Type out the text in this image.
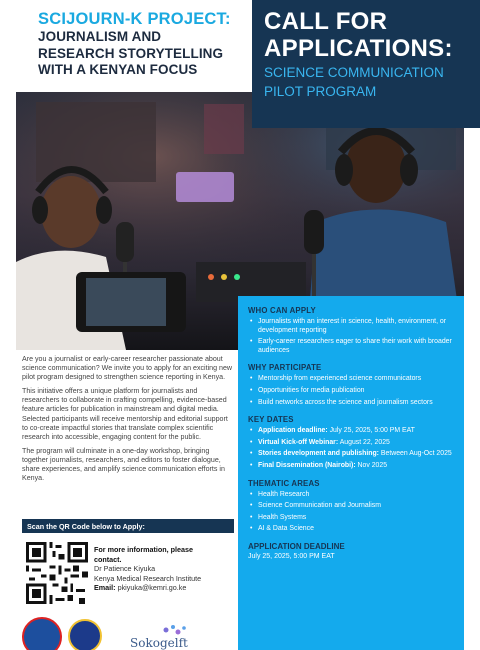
SCIJOURN-K PROJECT:
JOURNALISM AND
RESEARCH STORYTELLING
WITH A KENYAN FOCUS
CALL FOR
APPLICATIONS:
SCIENCE COMMUNICATION
PILOT PROGRAM

Are you a journalist or early-career researcher passionate about science communication? We invite you to apply for an exciting new pilot program designed to strengthen science reporting in Kenya.

This initiative offers a unique platform for journalists and researchers to collaborate in crafting compelling, evidence-based feature articles for publication in mainstream and digital media. Selected participants will receive mentorship and editorial support to co-create impactful stories that translate complex scientific research into accessible, engaging content for the public.

The program will culminate in a one-day workshop, bringing together journalists, researchers, and editors to foster dialogue, share experiences, and amplify science communication efforts in Kenya.

Scan the QR Code below to Apply:
For more information, please
contact.
Dr Patience Kiyuka
Kenya Medical Research Institute
Email: pkiyuka@kemri.go.ke
Sokogelft
WHO CAN APPLY
• Journalists with an interest in science, health, environment, or development reporting
• Early-career researchers eager to share their work with broader audiences
WHY PARTICIPATE
• Mentorship from experienced science communicators
• Opportunities for media publication
• Build networks across the science and journalism sectors
KEY DATES
• Application deadline: July 25, 2025, 5:00 PM EAT
• Virtual Kick-off Webinar: August 22, 2025
• Stories development and publishing: Between Aug-Oct 2025
• Final Dissemination (Nairobi): Nov 2025
THEMATIC AREAS
• Health Research
• Science Communication and Journalism
• Health Systems
• AI & Data Science
APPLICATION DEADLINE
July 25, 2025, 5:00 PM EAT
